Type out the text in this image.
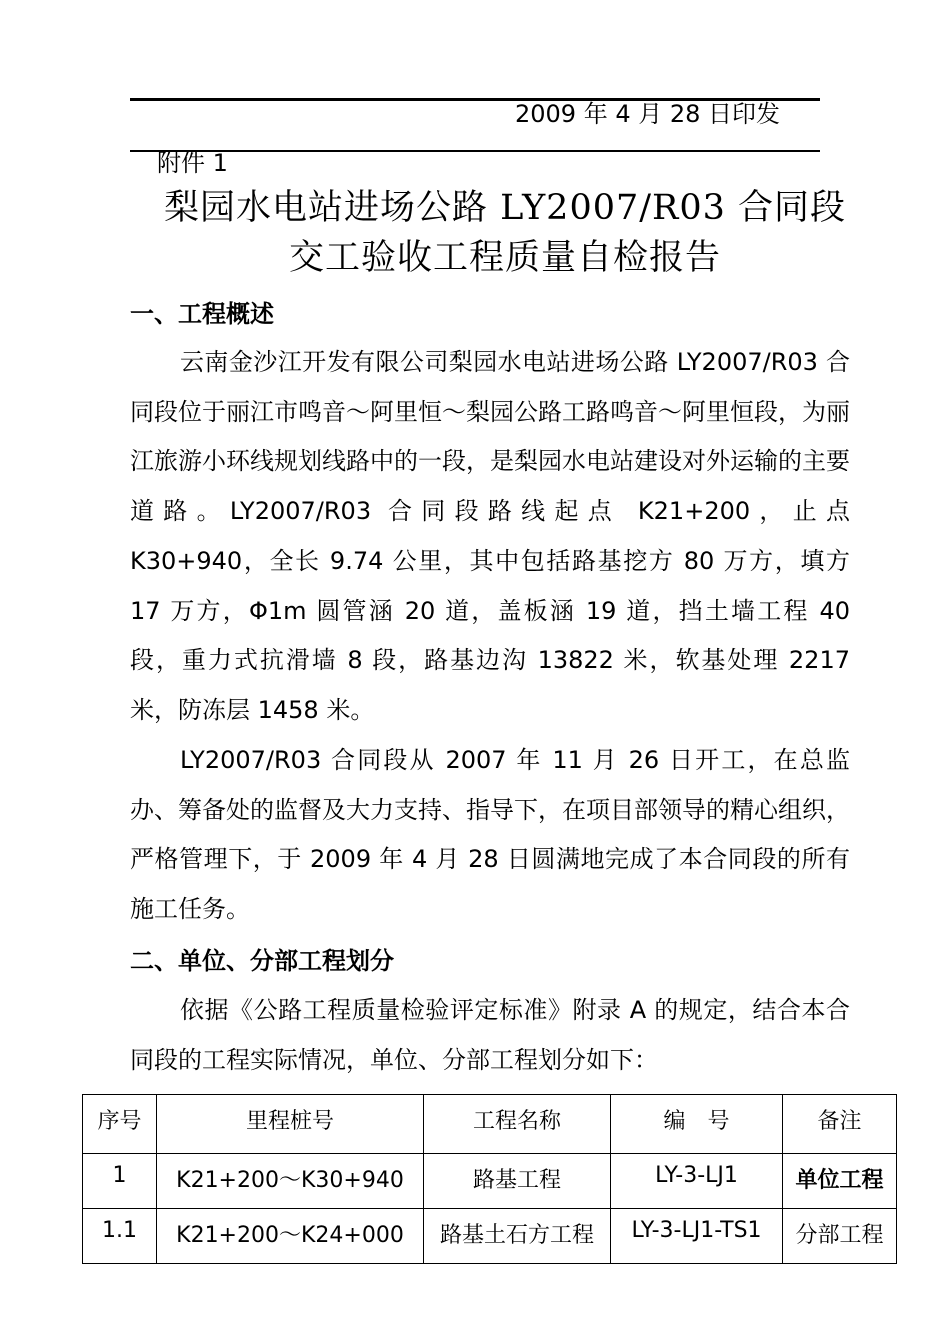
2009 年 4 月 28 日印发
附件 1
梨园水电站进场公路 LY2007/R03 合同段
交工验收工程质量自检报告
一、工程概述

云南金沙江开发有限公司梨园水电站进场公路 LY2007/R03 合同段位于丽江市鸣音～阿里恒～梨园公路工路鸣音～阿里恒段，为丽江旅游小环线规划线路中的一段，是梨园水电站建设对外运输的主要道路。LY2007/R03 合同段路线起点 K21+200，止点 K30+940，全长 9.74 公里，其中包括路基挖方 80 万方，填方 17 万方，Φ1m 圆管涵 20 道，盖板涵 19 道，挡土墙工程 40 段，重力式抗滑墙 8 段，路基边沟 13822 米，软基处理 2217 米，防冻层 1458 米。

LY2007/R03 合同段从 2007 年 11 月 26 日开工，在总监办、筹备处的监督及大力支持、指导下，在项目部领导的精心组织，严格管理下，于 2009 年 4 月 28 日圆满地完成了本合同段的所有施工任务。

二、单位、分部工程划分

依据《公路工程质量检验评定标准》附录 A 的规定，结合本合同段的工程实际情况，单位、分部工程划分如下：

序号	里程桩号	工程名称	编　号	备注
1	K21+200～K30+940	路基工程	LY-3-LJ1	单位工程
1.1	K21+200～K24+000	路基土石方工程	LY-3-LJ1-TS1	分部工程
